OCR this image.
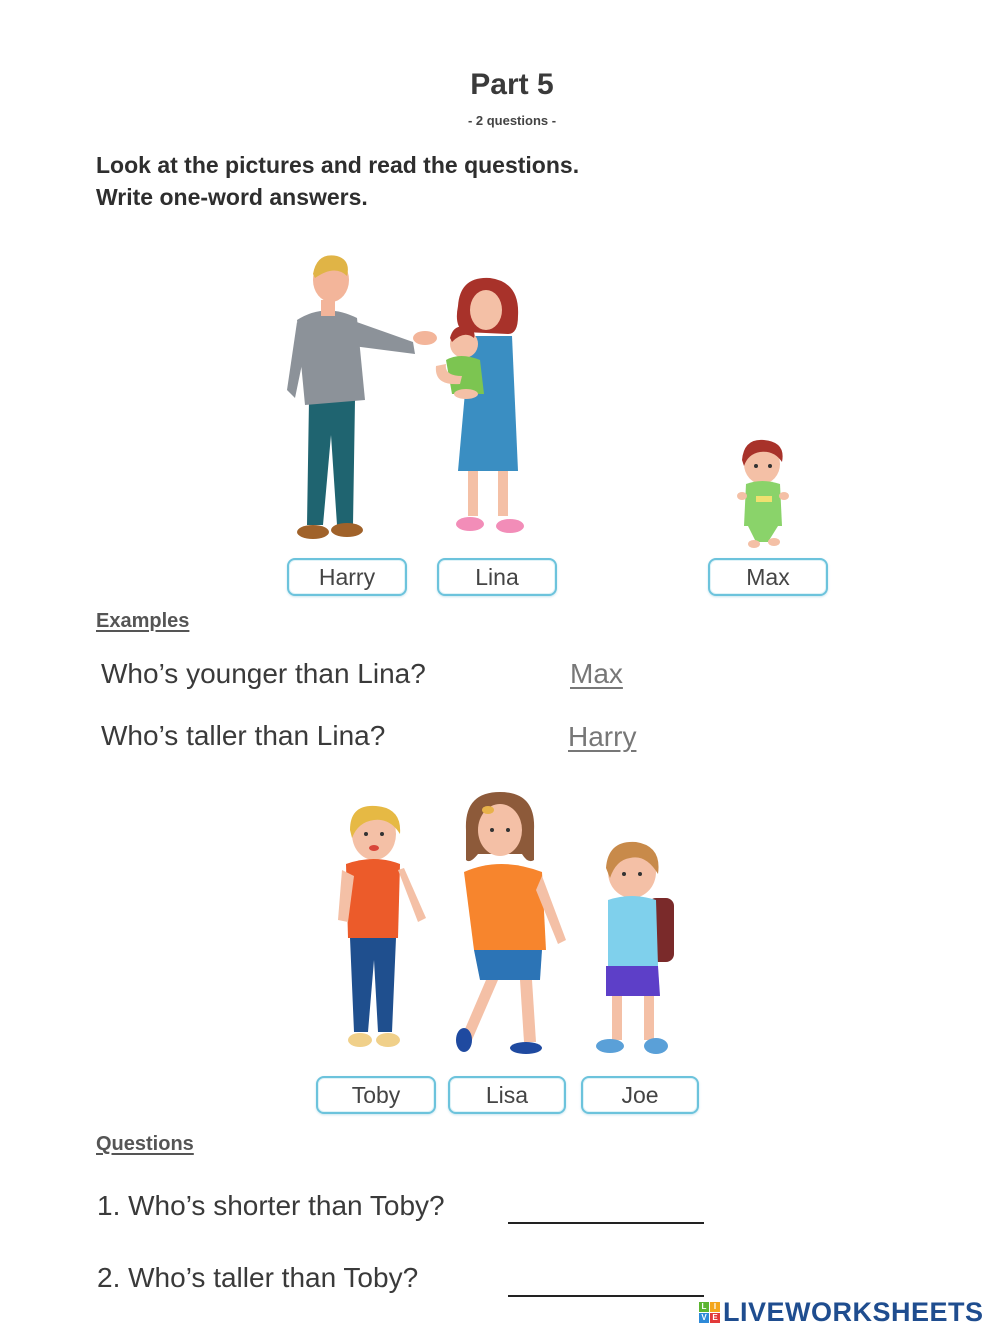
Part 5
- 2 questions -
Look at the pictures and read the questions.
Write one-word answers.
Harry	Lina	Max
Examples
Who’s younger than Lina?	Max
Who’s taller than Lina?	Harry
Toby	Lisa	Joe
Questions
1. Who’s shorter than Toby?
2. Who’s taller than Toby?
L I
V E LIVEWORKSHEETS
